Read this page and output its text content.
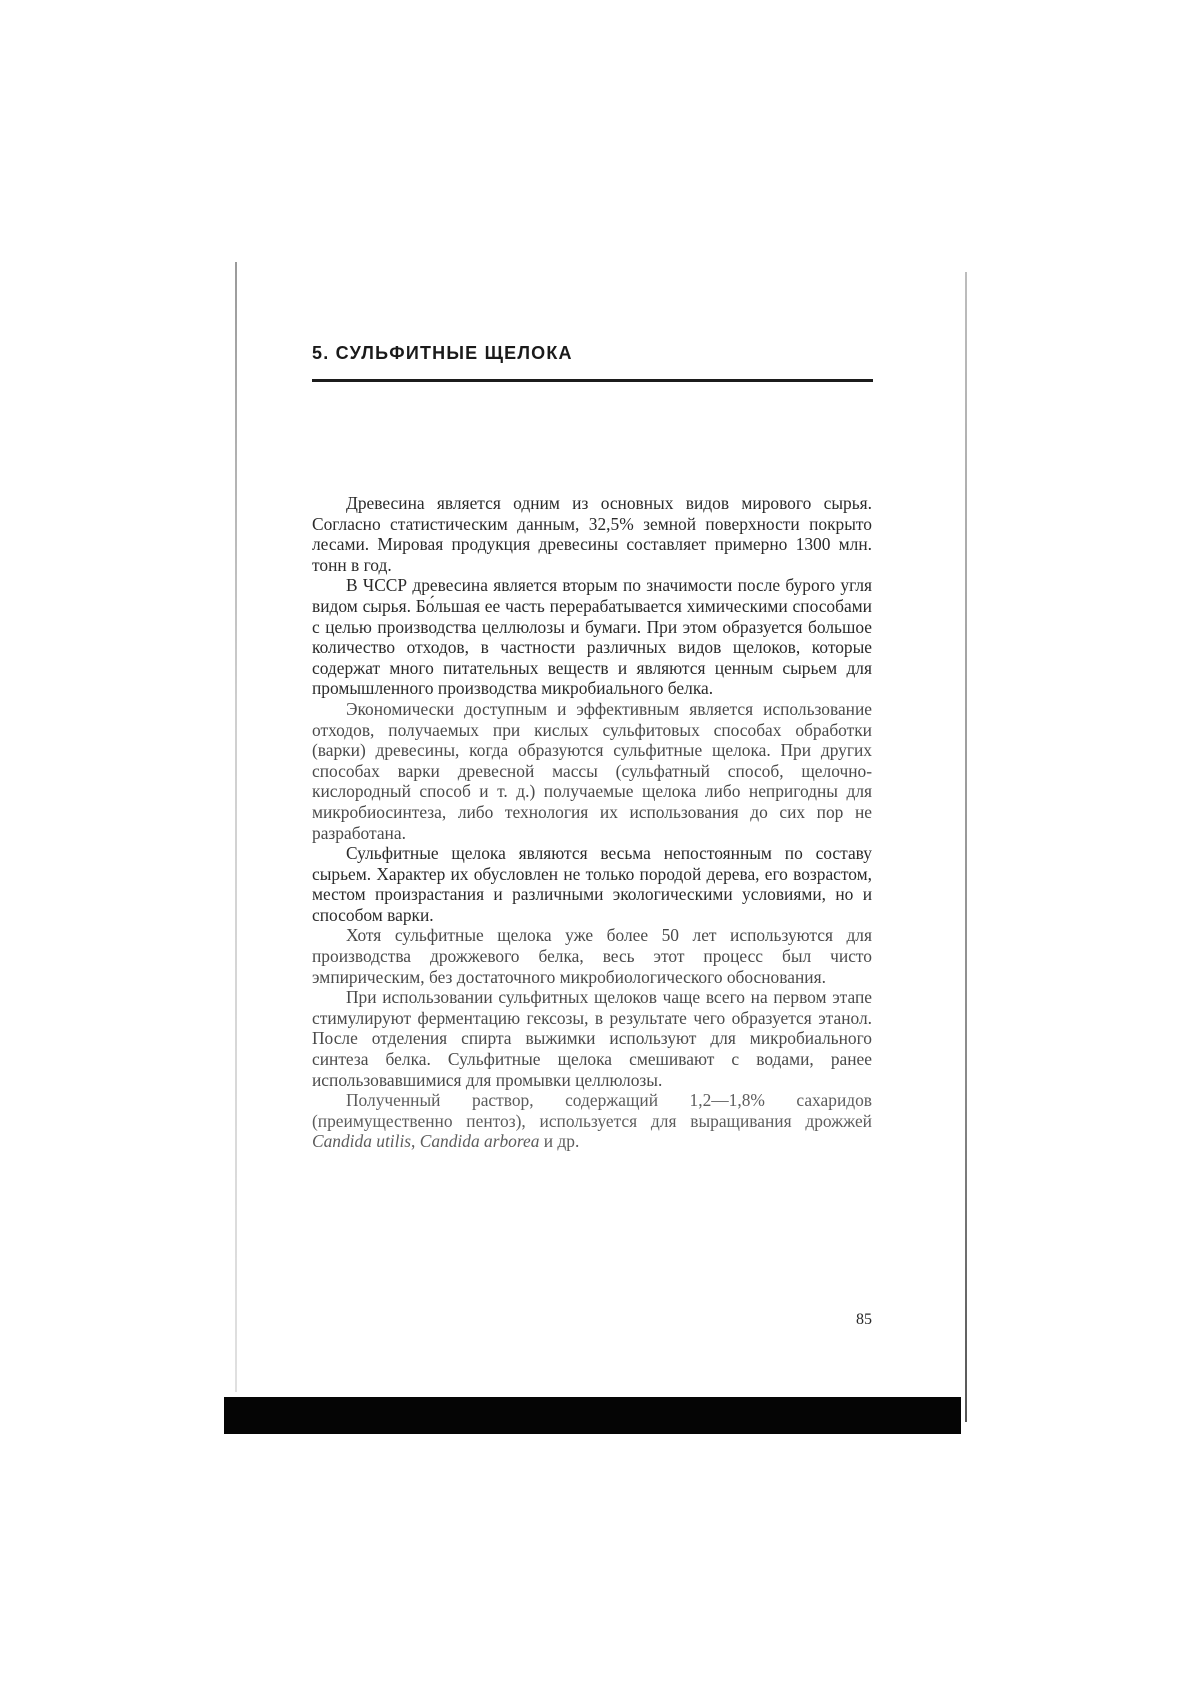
5. СУЛЬФИТНЫЕ ЩЕЛОКА

Древесина является одним из основных видов мирового сырья. Согласно статистическим данным, 32,5% земной поверхности покрыто лесами. Мировая продукция древесины составляет примерно 1300 млн. тонн в год.

В ЧССР древесина является вторым по значимости после бурого угля видом сырья. Бо́льшая ее часть перерабатывается химическими способами с целью производства целлюлозы и бумаги. При этом образуется большое количество отходов, в частности различных видов щелоков, которые содержат много питательных веществ и являются ценным сырьем для промышленного производства микробиального белка.

Экономически доступным и эффективным является использование отходов, получаемых при кислых сульфитовых способах обработки (варки) древесины, когда образуются сульфитные щелока. При других способах варки древесной массы (сульфатный способ, щелочно-кислородный способ и т. д.) получаемые щелока либо непригодны для микробиосинтеза, либо технология их использования до сих пор не разработана.

Сульфитные щелока являются весьма непостоянным по составу сырьем. Характер их обусловлен не только породой дерева, его возрастом, местом произрастания и различными экологическими условиями, но и способом варки.

Хотя сульфитные щелока уже более 50 лет используются для производства дрожжевого белка, весь этот процесс был чисто эмпирическим, без достаточного микробиологического обоснования.

При использовании сульфитных щелоков чаще всего на первом этапе стимулируют ферментацию гексозы, в результате чего образуется этанол. После отделения спирта выжимки используют для микробиального синтеза белка. Сульфитные щелока смешивают с водами, ранее использовавшимися для промывки целлюлозы.

Полученный раствор, содержащий 1,2—1,8% сахаридов (преимущественно пентоз), используется для выращивания дрожжей Candida utilis, Candida arborea и др.

85
